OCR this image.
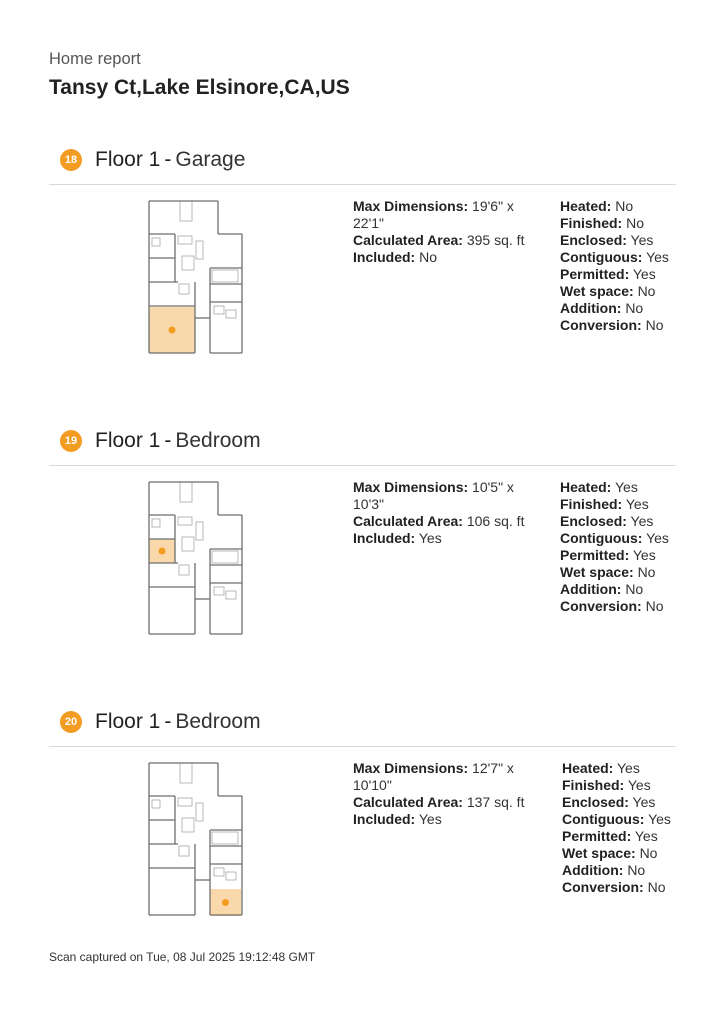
Home report
Tansy Ct,Lake Elsinore,CA,US
18 Floor 1 - Garage
Max Dimensions: 19'6" x 22'1"
Calculated Area: 395 sq. ft
Included: No
Heated: No
Finished: No
Enclosed: Yes
Contiguous: Yes
Permitted: Yes
Wet space: No
Addition: No
Conversion: No
19 Floor 1 - Bedroom
Max Dimensions: 10'5" x 10'3"
Calculated Area: 106 sq. ft
Included: Yes
Heated: Yes
Finished: Yes
Enclosed: Yes
Contiguous: Yes
Permitted: Yes
Wet space: No
Addition: No
Conversion: No
20 Floor 1 - Bedroom
Max Dimensions: 12'7" x 10'10"
Calculated Area: 137 sq. ft
Included: Yes
Heated: Yes
Finished: Yes
Enclosed: Yes
Contiguous: Yes
Permitted: Yes
Wet space: No
Addition: No
Conversion: No
Scan captured on Tue, 08 Jul 2025 19:12:48 GMT
